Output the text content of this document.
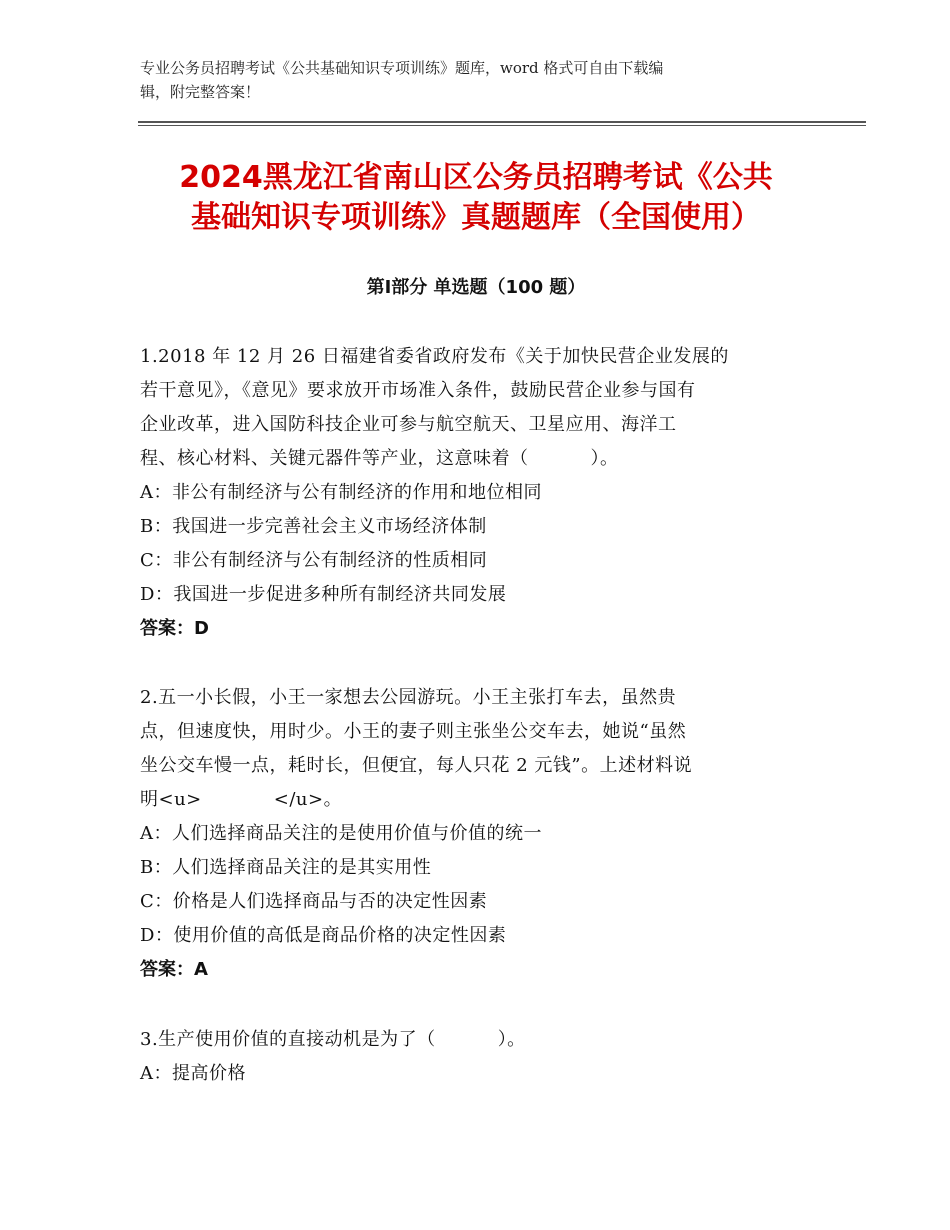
专业公务员招聘考试《公共基础知识专项训练》题库，word 格式可自由下载编
辑，附完整答案！
2024黑龙江省南山区公务员招聘考试《公共
基础知识专项训练》真题题库（全国使用）
第Ⅰ部分 单选题（100 题）

1.2018 年 12 月 26 日福建省委省政府发布《关于加快民营企业发展的

若干意见》，《意见》要求放开市场准入条件，鼓励民营企业参与国有

企业改革，进入国防科技企业可参与航空航天、卫星应用、海洋工

程、核心材料、关键元器件等产业，这意味着（	）。

A：非公有制经济与公有制经济的作用和地位相同

B：我国进一步完善社会主义市场经济体制

C：非公有制经济与公有制经济的性质相同

D：我国进一步促进多种所有制经济共同发展

答案：D

2.五一小长假，小王一家想去公园游玩。小王主张打车去，虽然贵

点，但速度快，用时少。小王的妻子则主张坐公交车去，她说“虽然

坐公交车慢一点，耗时长，但便宜，每人只花 2 元钱”。上述材料说

明<u>	</u>。

A：人们选择商品关注的是使用价值与价值的统一

B：人们选择商品关注的是其实用性

C：价格是人们选择商品与否的决定性因素

D：使用价值的高低是商品价格的决定性因素

答案：A

3.生产使用价值的直接动机是为了（	）。

A：提高价格
